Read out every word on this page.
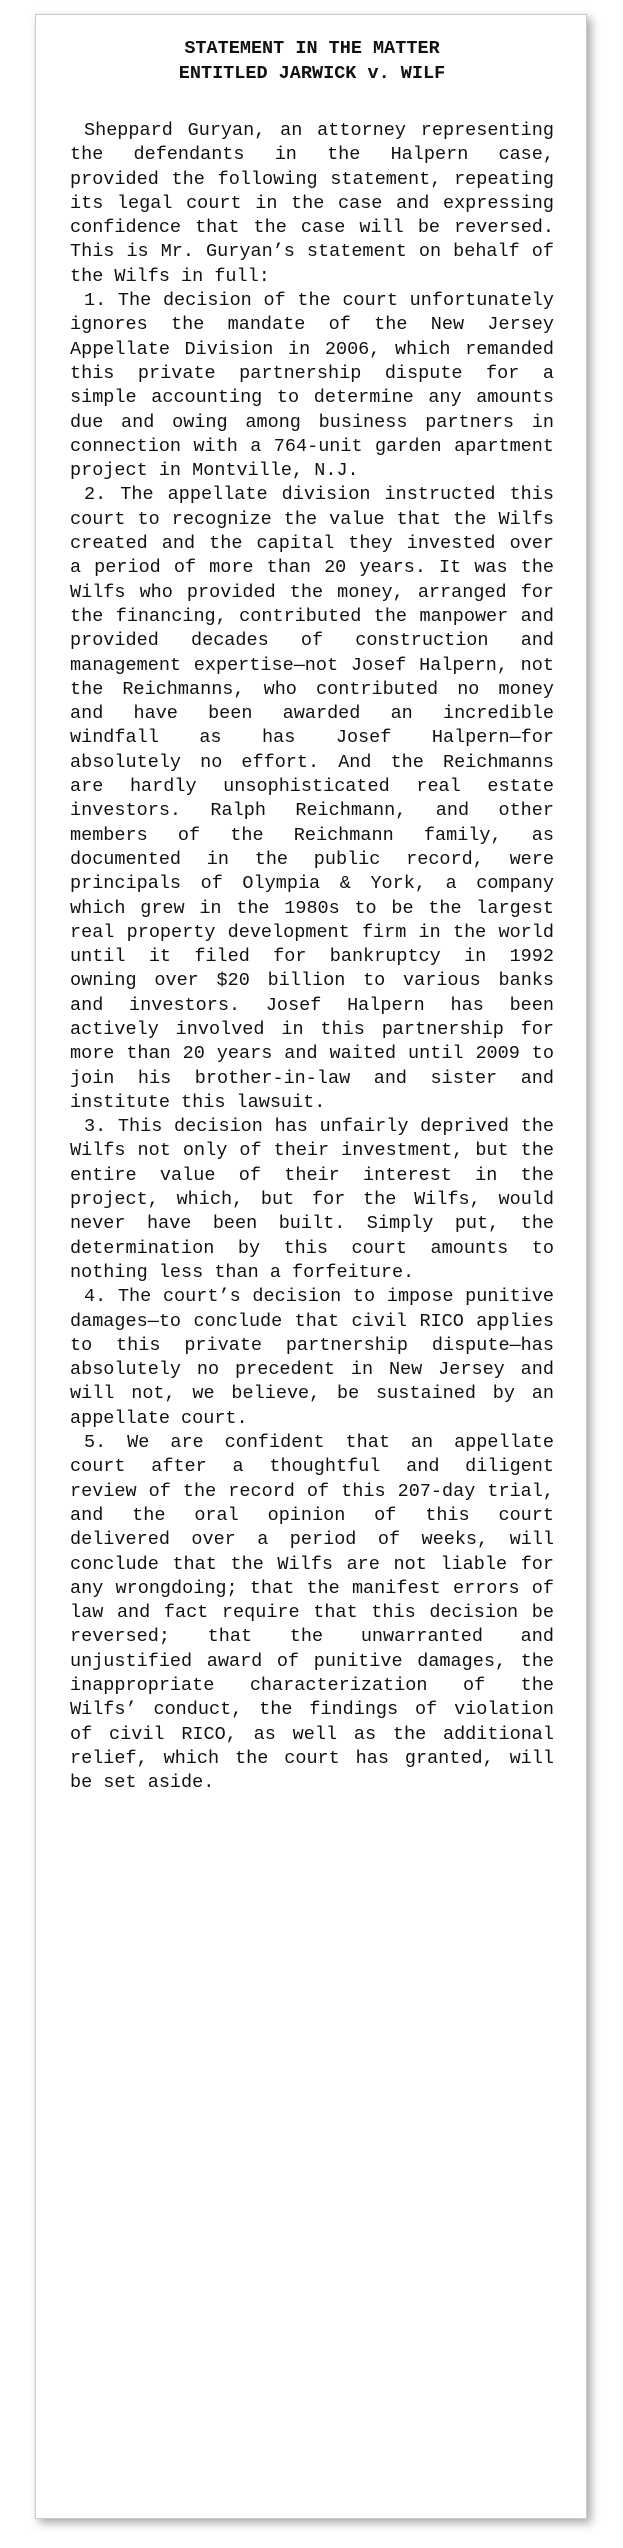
STATEMENT IN THE MATTER
ENTITLED JARWICK v. WILF

Sheppard Guryan, an attorney representing the defendants in the Halpern case, provided the following statement, repeating its legal court in the case and expressing confidence that the case will be reversed. This is Mr. Guryan’s statement on behalf of the Wilfs in full:

1. The decision of the court unfortunately ignores the mandate of the New Jersey Appellate Division in 2006, which remanded this private partnership dispute for a simple accounting to determine any amounts due and owing among business partners in connection with a 764-unit garden apartment project in Montville, N.J.

2. The appellate division instructed this court to recognize the value that the Wilfs created and the capital they invested over a period of more than 20 years. It was the Wilfs who provided the money, arranged for the financing, contributed the manpower and provided decades of construction and management expertise—not Josef Halpern, not the Reichmanns, who contributed no money and have been awarded an incredible windfall as has Josef Halpern—for absolutely no effort. And the Reichmanns are hardly unsophisticated real estate investors. Ralph Reichmann, and other members of the Reichmann family, as documented in the public record, were principals of Olympia & York, a company which grew in the 1980s to be the largest real property development firm in the world until it filed for bankruptcy in 1992 owning over $20 billion to various banks and investors. Josef Halpern has been actively involved in this partnership for more than 20 years and waited until 2009 to join his brother-in-law and sister and institute this lawsuit.

3. This decision has unfairly deprived the Wilfs not only of their investment, but the entire value of their interest in the project, which, but for the Wilfs, would never have been built. Simply put, the determination by this court amounts to nothing less than a forfeiture.

4. The court’s decision to impose punitive damages—to conclude that civil RICO applies to this private partnership dispute—has absolutely no precedent in New Jersey and will not, we believe, be sustained by an appellate court.

5. We are confident that an appellate court after a thoughtful and diligent review of the record of this 207-day trial, and the oral opinion of this court delivered over a period of weeks, will conclude that the Wilfs are not liable for any wrongdoing; that the manifest errors of law and fact require that this decision be reversed; that the unwarranted and unjustified award of punitive damages, the inappropriate characterization of the Wilfs’ conduct, the findings of violation of civil RICO, as well as the additional relief, which the court has granted, will be set aside.
